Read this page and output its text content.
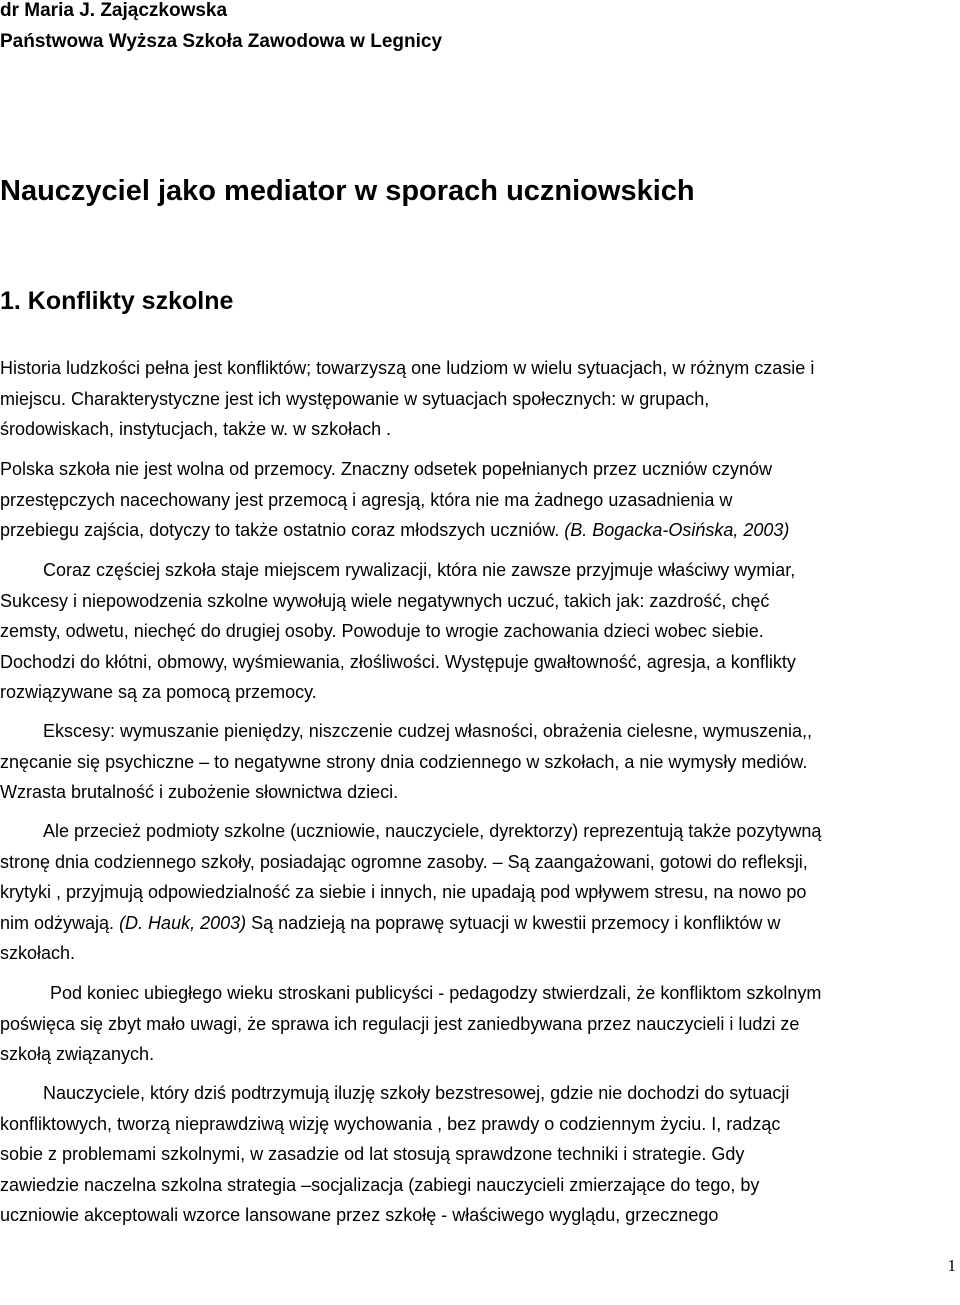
dr Maria J. Zajączkowska
Państwowa Wyższa Szkoła Zawodowa w Legnicy
Nauczyciel jako mediator w sporach uczniowskich
1. Konflikty szkolne
Historia ludzkości pełna jest konfliktów; towarzyszą one ludziom w wielu sytuacjach, w różnym czasie i
miejscu. Charakterystyczne jest ich występowanie w sytuacjach społecznych: w grupach,
środowiskach, instytucjach, także w. w szkołach .
Polska szkoła nie jest wolna od przemocy. Znaczny odsetek popełnianych przez uczniów czynów
przestępczych nacechowany jest przemocą i agresją, która nie ma żadnego uzasadnienia w
przebiegu zajścia, dotyczy to także ostatnio coraz młodszych uczniów. (B. Bogacka-Osińska, 2003)
Coraz częściej szkoła staje miejscem rywalizacji, która nie zawsze przyjmuje właściwy wymiar,
Sukcesy i niepowodzenia szkolne wywołują wiele negatywnych uczuć, takich jak: zazdrość, chęć
zemsty, odwetu, niechęć do drugiej osoby. Powoduje to wrogie zachowania dzieci wobec siebie.
Dochodzi do kłótni, obmowy, wyśmiewania, złośliwości. Występuje gwałtowność, agresja, a konflikty
rozwiązywane są za pomocą przemocy.
Ekscesy: wymuszanie pieniędzy, niszczenie cudzej własności, obrażenia cielesne, wymuszenia,,
znęcanie się psychiczne – to negatywne strony dnia codziennego w szkołach, a nie wymysły mediów.
Wzrasta brutalność i zubożenie słownictwa dzieci.
Ale przecież podmioty szkolne (uczniowie, nauczyciele, dyrektorzy) reprezentują także pozytywną
stronę dnia codziennego szkoły, posiadając ogromne zasoby. – Są zaangażowani, gotowi do refleksji,
krytyki , przyjmują odpowiedzialność za siebie i innych, nie upadają pod wpływem stresu, na nowo po
nim odżywają. (D. Hauk, 2003) Są nadzieją na poprawę sytuacji w kwestii przemocy i konfliktów w
szkołach.
Pod koniec ubiegłego wieku stroskani publicyści - pedagodzy stwierdzali, że konfliktom szkolnym
poświęca się zbyt mało uwagi, że sprawa ich regulacji jest zaniedbywana przez nauczycieli i ludzi ze
szkołą związanych.
Nauczyciele, który dziś podtrzymują iluzję szkoły bezstresowej, gdzie nie dochodzi do sytuacji
konfliktowych, tworzą nieprawdziwą wizję wychowania , bez prawdy o codziennym życiu. I, radząc
sobie z problemami szkolnymi, w zasadzie od lat stosują sprawdzone techniki i strategie. Gdy
zawiedzie naczelna szkolna strategia –socjalizacja (zabiegi nauczycieli zmierzające do tego, by
uczniowie akceptowali wzorce lansowane przez szkołę - właściwego wyglądu, grzecznego
1
